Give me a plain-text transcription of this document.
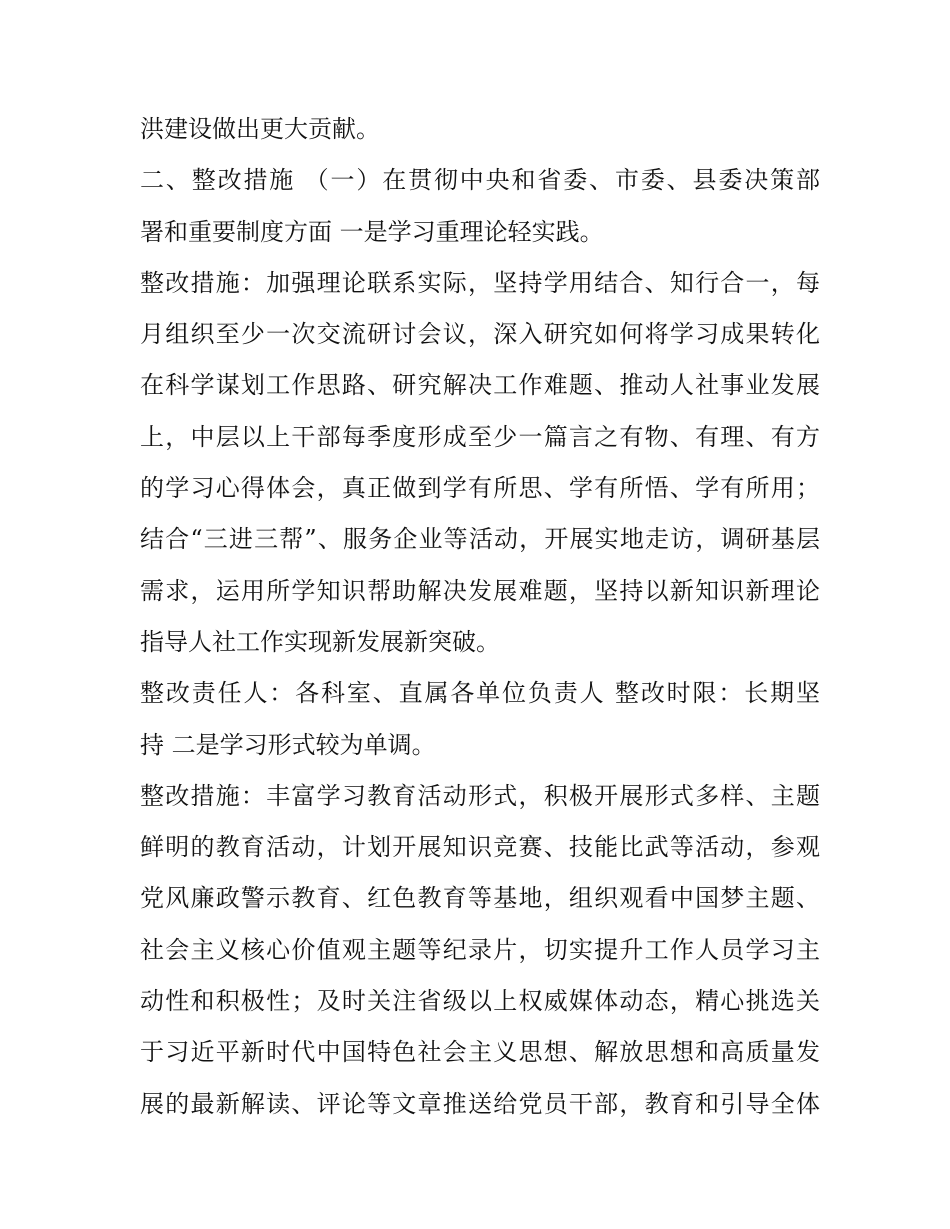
洪建设做出更大贡献。
二、整改措施 （一）在贯彻中央和省委、市委、县委决策部
署和重要制度方面 一是学习重理论轻实践。
整改措施：加强理论联系实际，坚持学用结合、知行合一，每
月组织至少一次交流研讨会议，深入研究如何将学习成果转化
在科学谋划工作思路、研究解决工作难题、推动人社事业发展
上，中层以上干部每季度形成至少一篇言之有物、有理、有方
的学习心得体会，真正做到学有所思、学有所悟、学有所用；
结合“三进三帮”、服务企业等活动，开展实地走访，调研基层
需求，运用所学知识帮助解决发展难题，坚持以新知识新理论
指导人社工作实现新发展新突破。
整改责任人：各科室、直属各单位负责人 整改时限：长期坚
持 二是学习形式较为单调。
整改措施：丰富学习教育活动形式，积极开展形式多样、主题
鲜明的教育活动，计划开展知识竞赛、技能比武等活动，参观
党风廉政警示教育、红色教育等基地，组织观看中国梦主题、
社会主义核心价值观主题等纪录片，切实提升工作人员学习主
动性和积极性；及时关注省级以上权威媒体动态，精心挑选关
于习近平新时代中国特色社会主义思想、解放思想和高质量发
展的最新解读、评论等文章推送给党员干部，教育和引导全体
